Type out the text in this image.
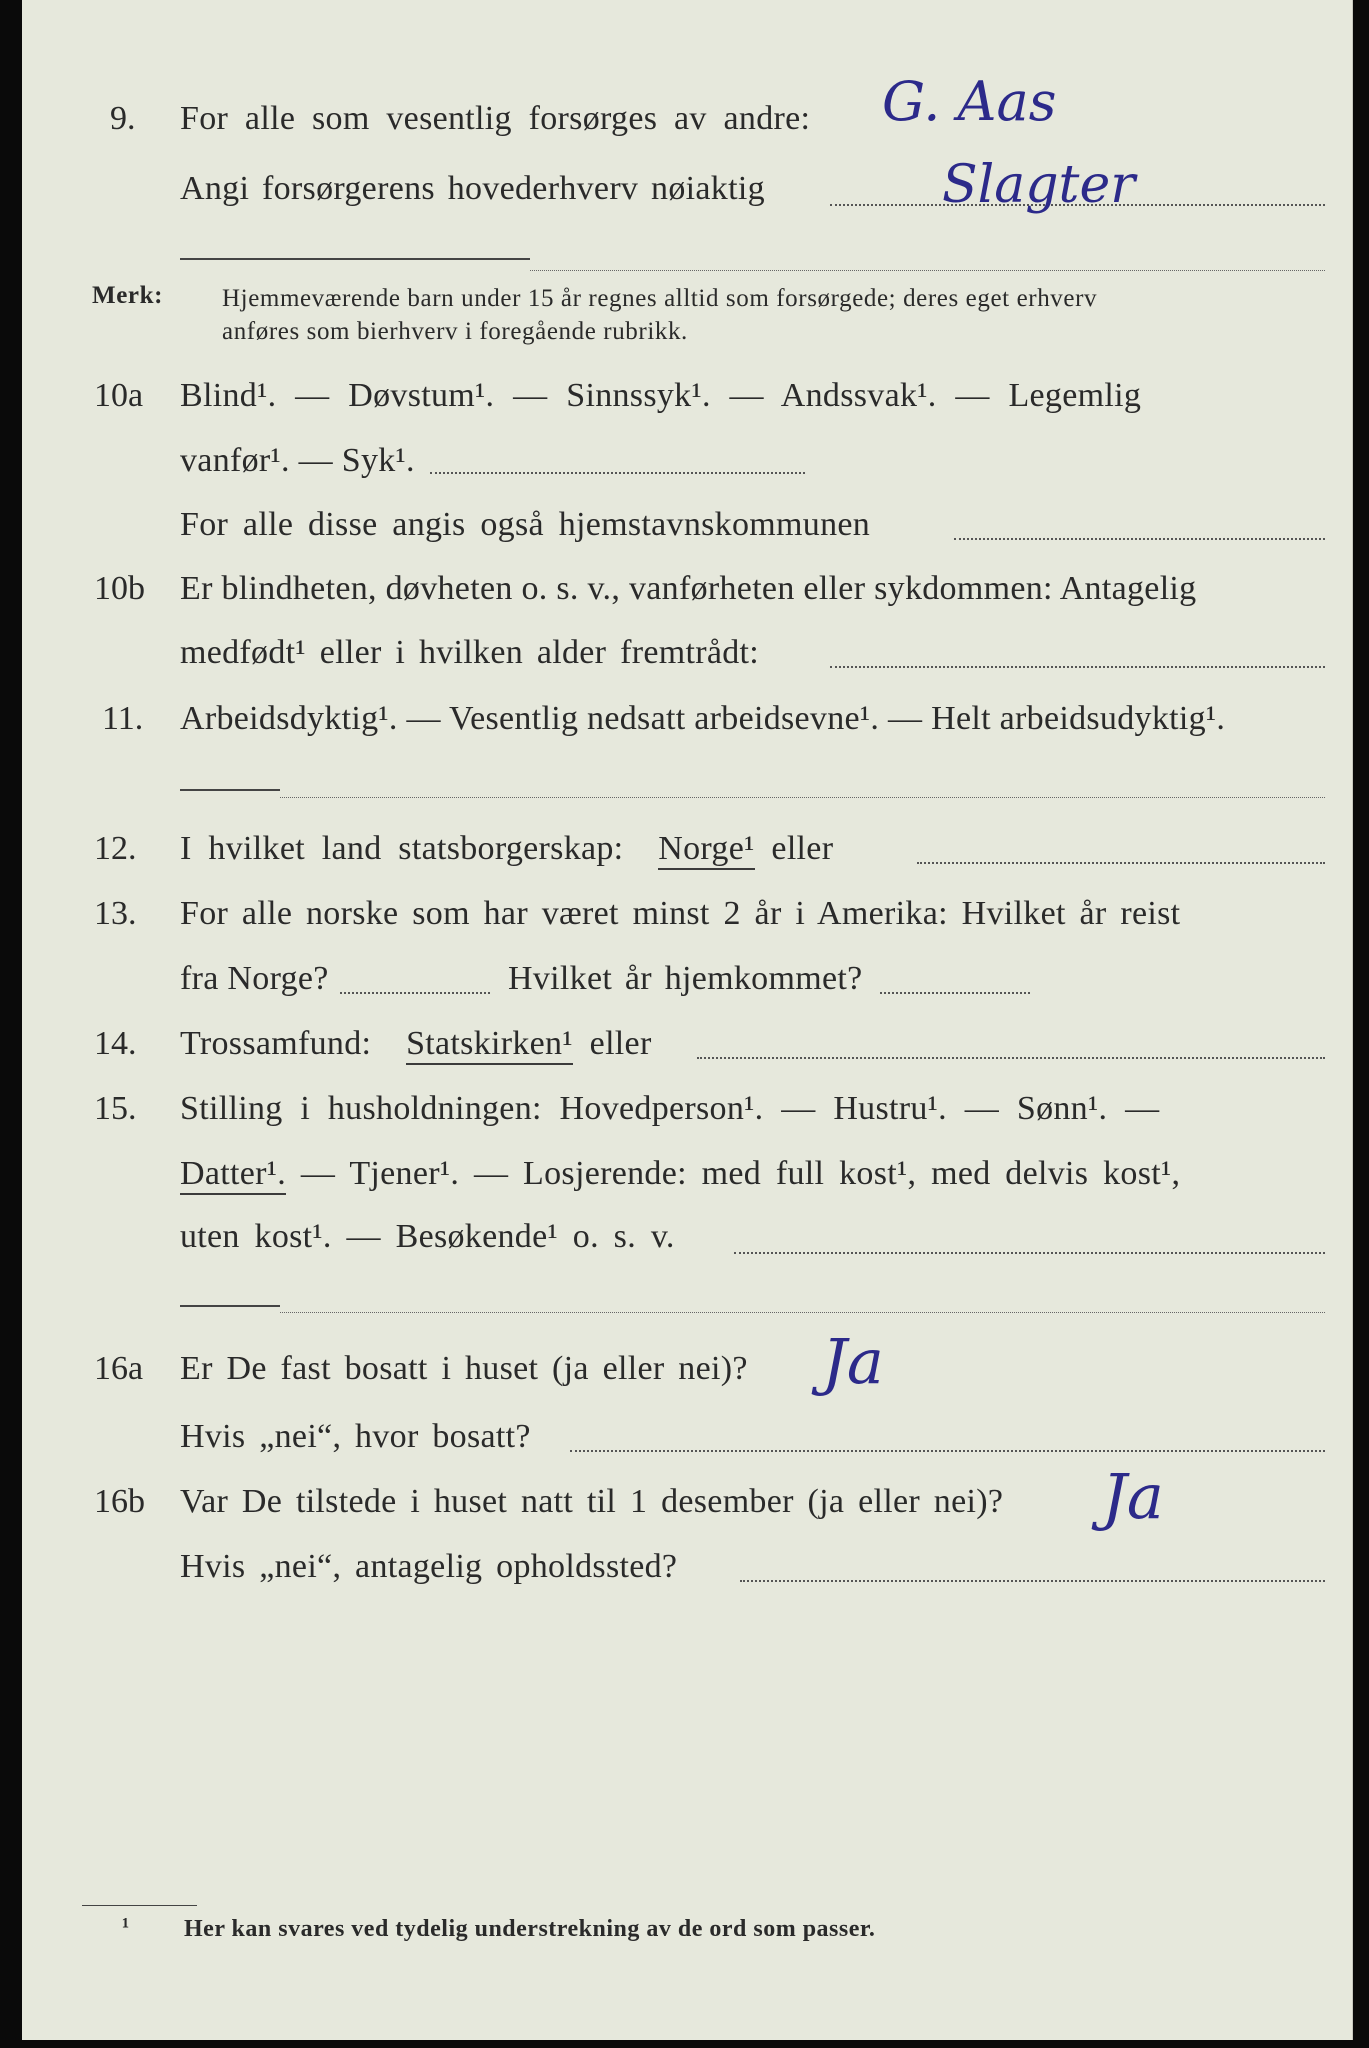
9. For alle som vesentlig forsørges av andre:
Angi forsørgerens hovederhverv nøiaktig
G. Aas
Slagter
Merk: Hjemmeværende barn under 15 år regnes alltid som forsørgede; deres eget erhverv
anføres som bierhverv i foregående rubrikk.
10a Blind¹. — Døvstum¹. — Sinnssyk¹. — Andssvak¹. — Legemlig
vanfør¹. — Syk¹.
For alle disse angis også hjemstavnskommunen
10b Er blindheten, døvheten o. s. v., vanførheten eller sykdommen: Antagelig
medfødt¹ eller i hvilken alder fremtrådt:
11. Arbeidsdyktig¹. — Vesentlig nedsatt arbeidsevne¹. — Helt arbeidsudyktig¹.
12. I hvilket land statsborgerskap: Norge¹ eller
13. For alle norske som har været minst 2 år i Amerika: Hvilket år reist
fra Norge?	Hvilket år hjemkommet?
14. Trossamfund: Statskirken¹ eller
15. Stilling i husholdningen: Hovedperson¹. — Hustru¹. — Sønn¹. —
Datter¹. — Tjener¹. — Losjerende: med full kost¹, med delvis kost¹,
uten kost¹. — Besøkende¹ o. s. v.
16a Er De fast bosatt i huset (ja eller nei)? Ja
Hvis „nei“, hvor bosatt?
16b Var De tilstede i huset natt til 1 desember (ja eller nei)? Ja
Hvis „nei“, antagelig opholdssted?
¹ Her kan svares ved tydelig understrekning av de ord som passer.
